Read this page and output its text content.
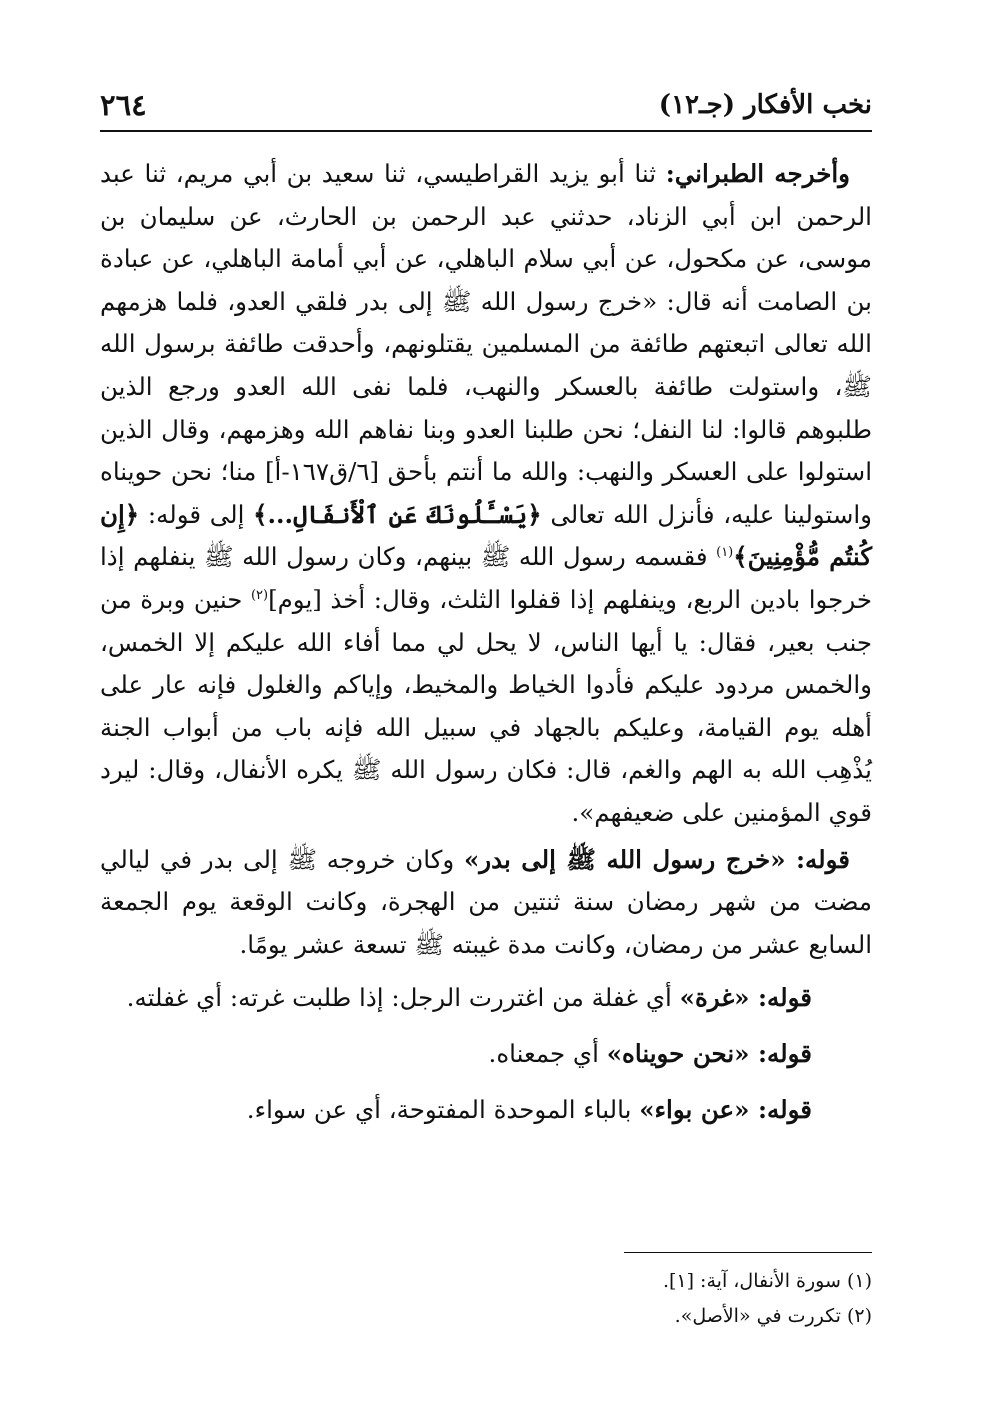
نخب الأفكار (جـ١٢)
٢٦٤

وأخرجه الطبراني: ثنا أبو يزيد القراطيسي، ثنا سعيد بن أبي مريم، ثنا عبد الرحمن ابن أبي الزناد، حدثني عبد الرحمن بن الحارث، عن سليمان بن موسى، عن مكحول، عن أبي سلام الباهلي، عن أبي أمامة الباهلي، عن عبادة بن الصامت أنه قال: «خرج رسول الله ﷺ إلى بدر فلقي العدو، فلما هزمهم الله تعالى اتبعتهم طائفة من المسلمين يقتلونهم، وأحدقت طائفة برسول الله ﷺ، واستولت طائفة بالعسكر والنهب، فلما نفى الله العدو ورجع الذين طلبوهم قالوا: لنا النفل؛ نحن طلبنا العدو وبنا نفاهم الله وهزمهم، وقال الذين استولوا على العسكر والنهب: والله ما أنتم بأحق [٦/ق١٦٧-أ] منا؛ نحن حويناه واستولينا عليه، فأنزل الله تعالى ﴿يَسْـَٔلُونَكَ عَنِ ٱلْأَنفَالِ...﴾ إلى قوله: ﴿إِن كُنتُم مُّؤْمِنِينَ﴾$^{(١)}$ فقسمه رسول الله ﷺ بينهم، وكان رسول الله ﷺ ينفلهم إذا خرجوا بادين الربع، وينفلهم إذا قفلوا الثلث، وقال: أخذ [يوم]$^{(٢)}$ حنين وبرة من جنب بعير، فقال: يا أيها الناس، لا يحل لي مما أفاء الله عليكم إلا الخمس، والخمس مردود عليكم فأدوا الخياط والمخيط، وإياكم والغلول فإنه عار على أهله يوم القيامة، وعليكم بالجهاد في سبيل الله فإنه باب من أبواب الجنة يُذْهِب الله به الهم والغم، قال: فكان رسول الله ﷺ يكره الأنفال، وقال: ليرد قوي المؤمنين على ضعيفهم».

قوله: «خرج رسول الله ﷺ إلى بدر» وكان خروجه ﷺ إلى بدر في ليالي مضت من شهر رمضان سنة ثنتين من الهجرة، وكانت الوقعة يوم الجمعة السابع عشر من رمضان، وكانت مدة غيبته ﷺ تسعة عشر يومًا.

قوله: «غرة» أي غفلة من اغتررت الرجل: إذا طلبت غرته: أي غفلته.

قوله: «نحن حويناه» أي جمعناه.

قوله: «عن بواء» بالباء الموحدة المفتوحة، أي عن سواء.

(١) سورة الأنفال، آية: [١].

(٢) تكررت في «الأصل».
